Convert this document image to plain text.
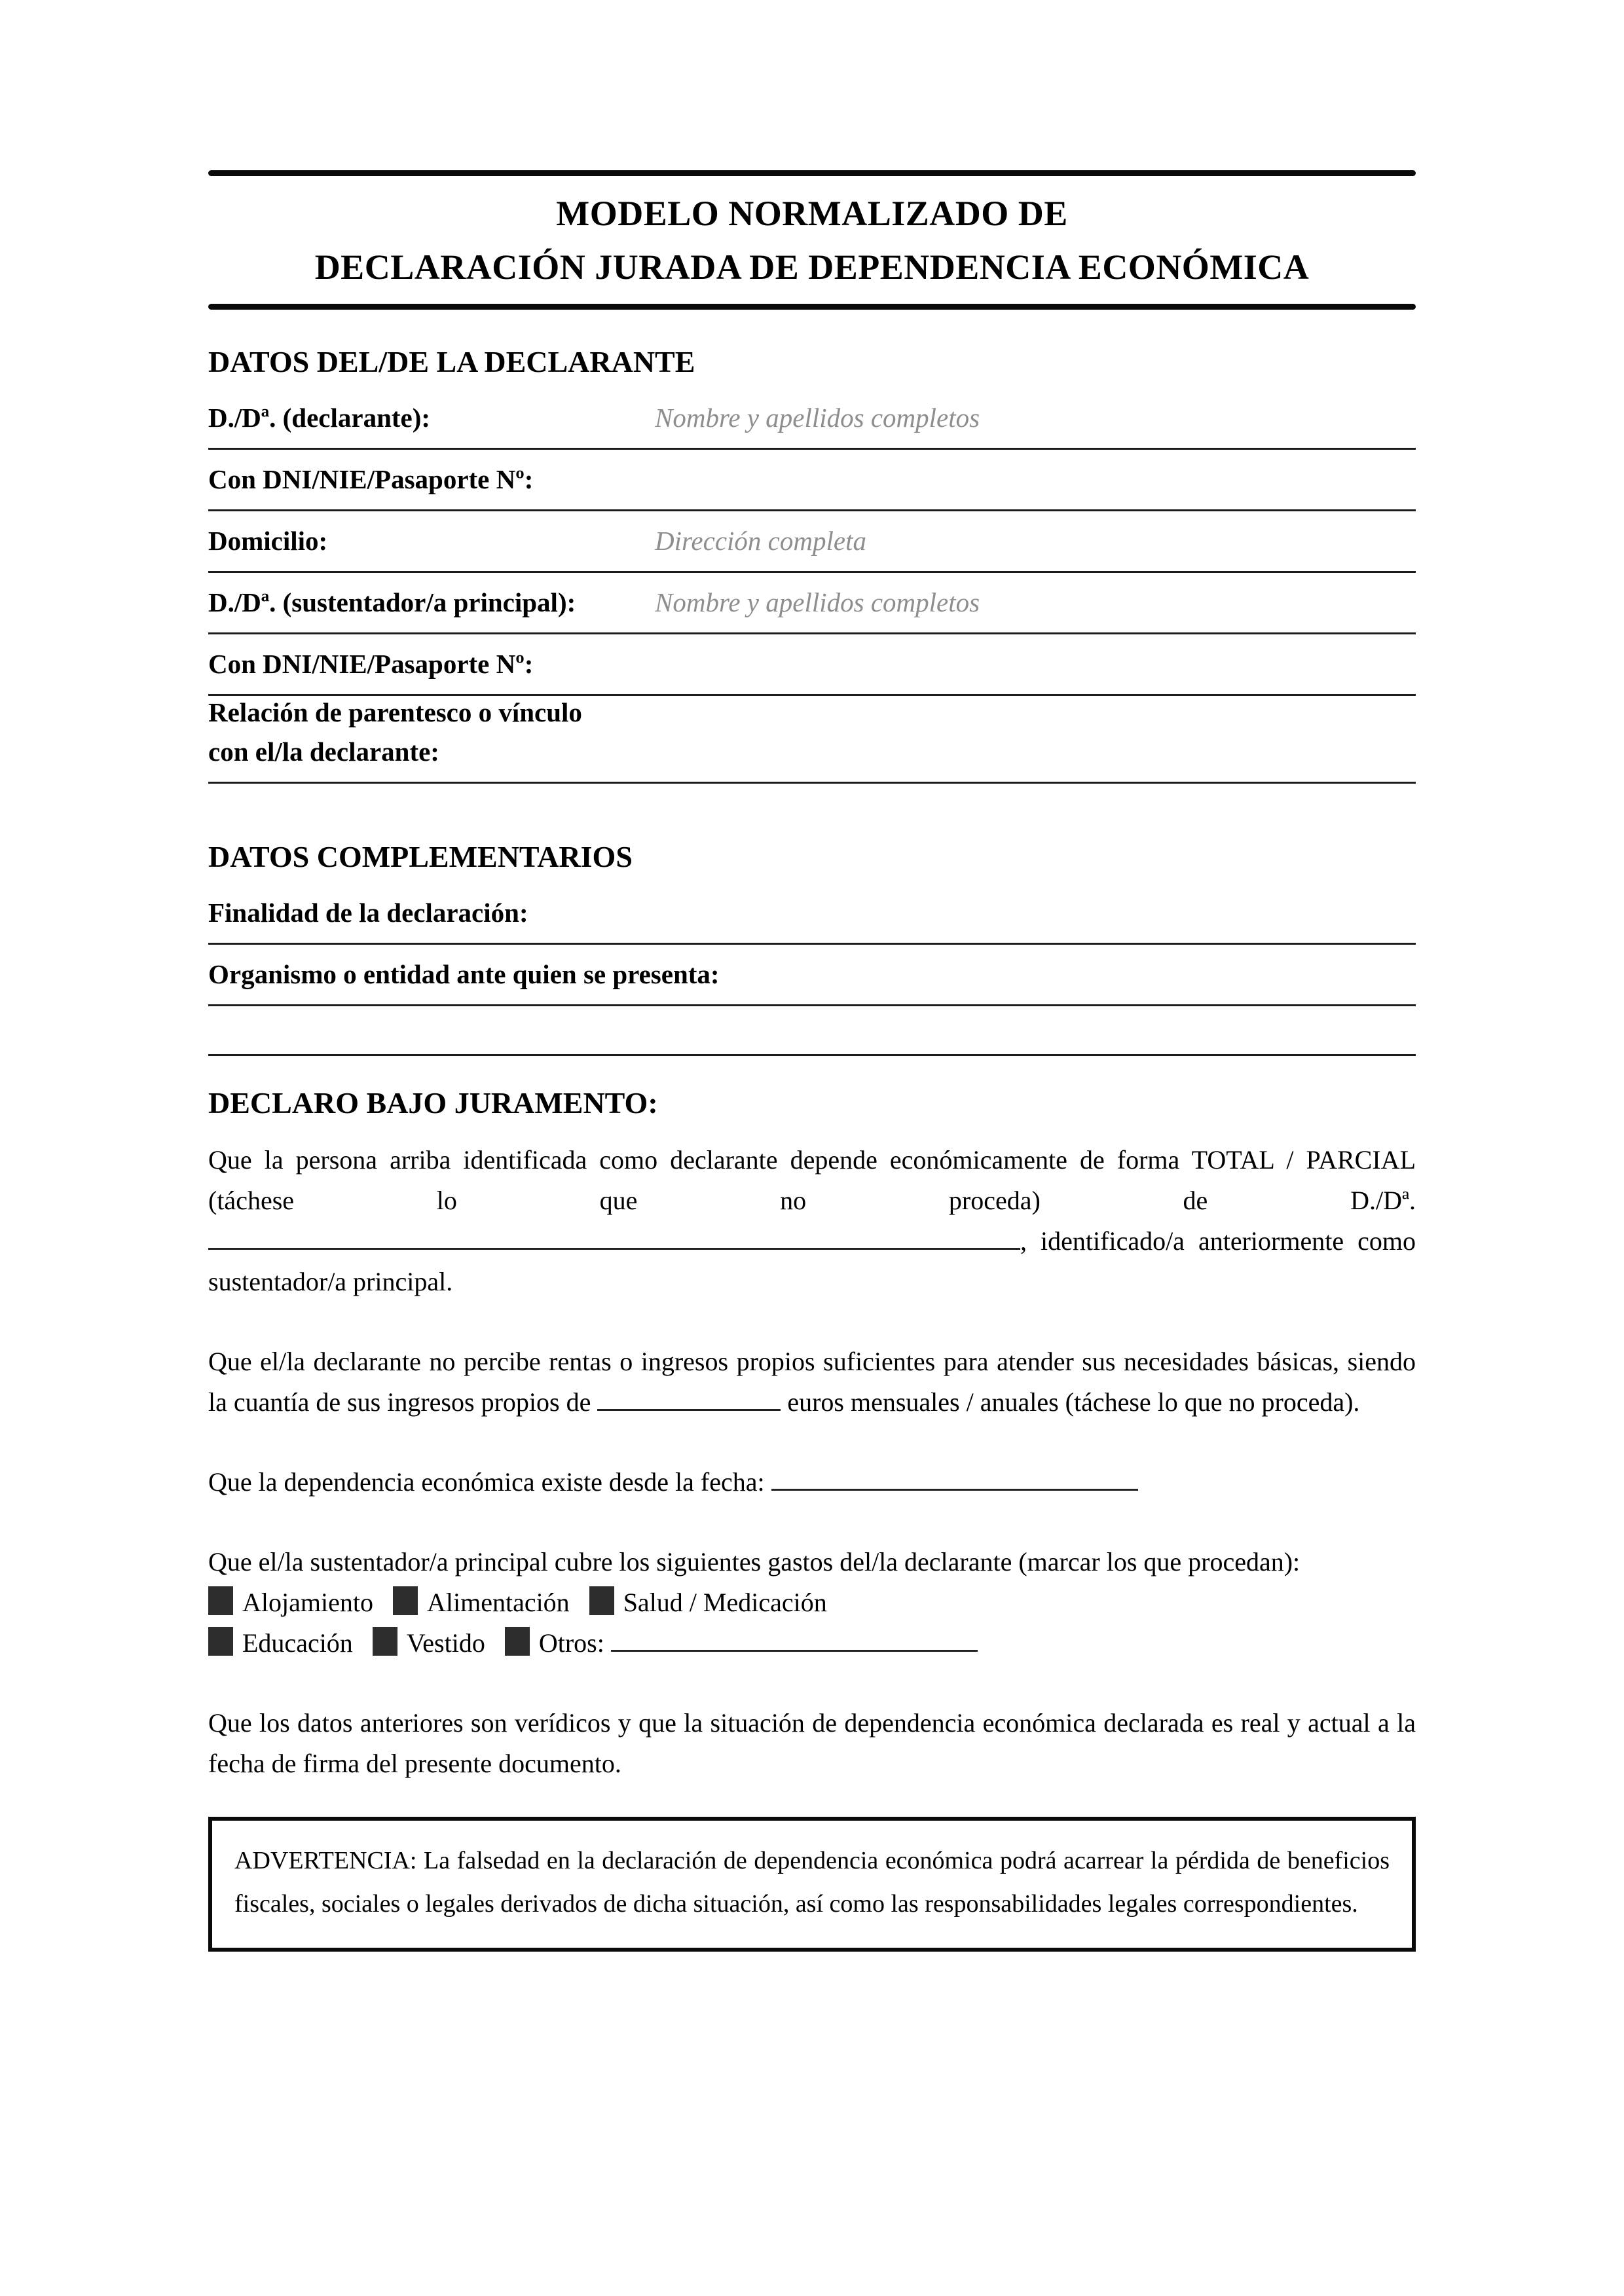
MODELO NORMALIZADO DE
DECLARACIÓN JURADA DE DEPENDENCIA ECONÓMICA
DATOS DEL/DE LA DECLARANTE
D./Dª. (declarante):	Nombre y apellidos completos
Con DNI/NIE/Pasaporte Nº:
Domicilio:	Dirección completa
D./Dª. (sustentador/a principal):	Nombre y apellidos completos
Con DNI/NIE/Pasaporte Nº:
Relación de parentesco o vínculo
con el/la declarante:
DATOS COMPLEMENTARIOS
Finalidad de la declaración:
Organismo o entidad ante quien se presenta:
DECLARO BAJO JURAMENTO:

Que la persona arriba identificada como declarante depende económicamente de forma TOTAL / PARCIAL (táchese lo que no proceda) de D./Dª. , identificado/a anteriormente como sustentador/a principal.

Que el/la declarante no percibe rentas o ingresos propios suficientes para atender sus necesidades básicas, siendo la cuantía de sus ingresos propios de	euros mensuales / anuales (táchese lo que no proceda).

Que la dependencia económica existe desde la fecha:

Que el/la sustentador/a principal cubre los siguientes gastos del/la declarante (marcar los que procedan):
Alojamiento Alimentación Salud / Medicación
Educación Vestido Otros:

Que los datos anteriores son verídicos y que la situación de dependencia económica declarada es real y actual a la fecha de firma del presente documento.

ADVERTENCIA: La falsedad en la declaración de dependencia económica podrá acarrear la pérdida de beneficios fiscales, sociales o legales derivados de dicha situación, así como las responsabilidades legales correspondientes.
